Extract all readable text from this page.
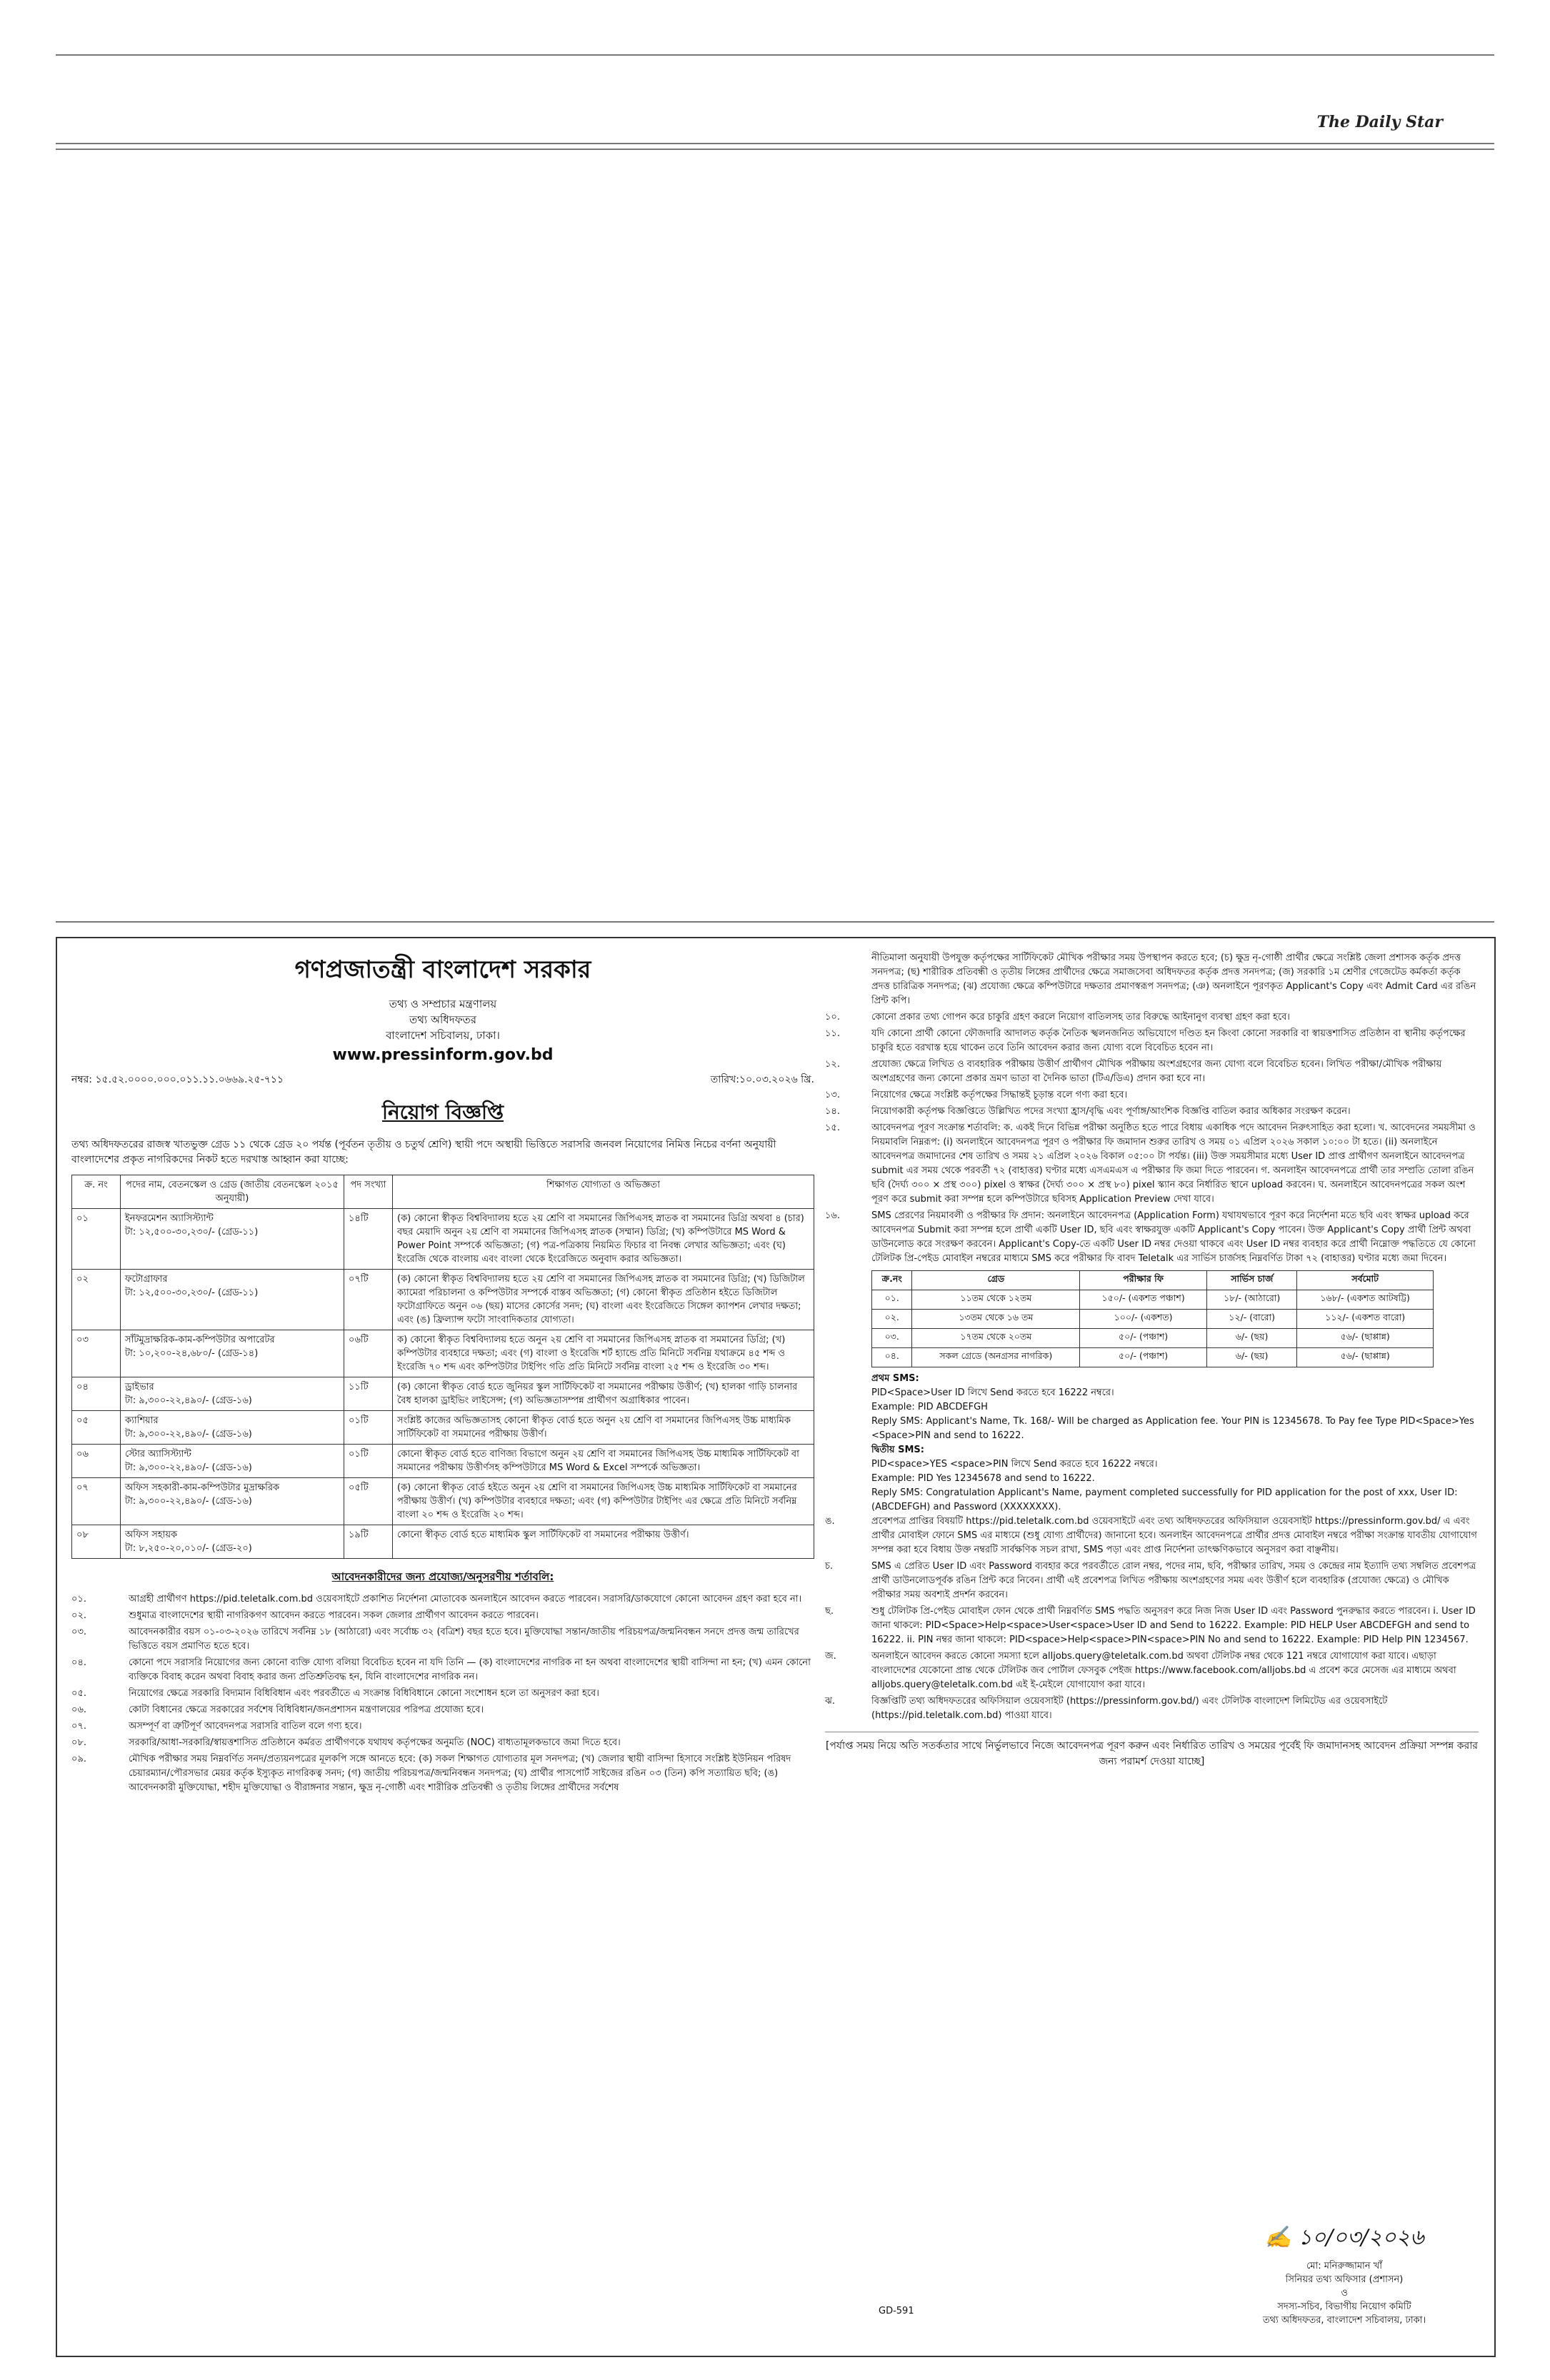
The Daily Star
গণপ্রজাতন্ত্রী বাংলাদেশ সরকার
তথ্য ও সম্প্রচার মন্ত্রণালয়
তথ্য অধিদফতর
বাংলাদেশ সচিবালয়, ঢাকা।
www.pressinform.gov.bd
নম্বর: ১৫.৫২.০০০০.০০০.০১১.১১.০৬৬৯.২৫-৭১১	তারিখ:১০.০৩.২০২৬ খ্রি.
নিয়োগ বিজ্ঞপ্তি
তথ্য অধিদফতরের রাজস্ব খাতভুক্ত গ্রেড ১১ থেকে গ্রেড ২০ পর্যন্ত (পূর্বতন তৃতীয় ও চতুর্থ শ্রেণি) স্থায়ী পদে অস্থায়ী ভিত্তিতে সরাসরি জনবল নিয়োগের নিমিত্ত নিচের বর্ণনা অনুযায়ী বাংলাদেশের প্রকৃত নাগরিকদের নিকট হতে দরখাস্ত আহ্বান করা যাচ্ছে:
ক্র. নং	পদের নাম, বেতনস্কেল ও গ্রেড (জাতীয় বেতনস্কেল ২০১৫ অনুযায়ী)	পদ সংখ্যা	শিক্ষাগত যোগ্যতা ও অভিজ্ঞতা
০১	ইনফরমেশন অ্যাসিস্ট্যান্ট
টা: ১২,৫০০-৩০,২৩০/- (গ্রেড-১১)	১৪টি	(ক) কোনো স্বীকৃত বিশ্ববিদ্যালয় হতে ২য় শ্রেণি বা সমমানের জিপিএসহ স্নাতক বা সমমানের ডিগ্রি অথবা ৪ (চার) বছর মেয়াদি অনুন ২য় শ্রেণি বা সমমানের জিপিএসহ স্নাতক (সম্মান) ডিগ্রি; (খ) কম্পিউটারে MS Word & Power Point সম্পর্কে অভিজ্ঞতা; (গ) পত্র-পত্রিকায় নিয়মিত ফিচার বা নিবন্ধ লেখার অভিজ্ঞতা; এবং (ঘ) ইংরেজি থেকে বাংলায় এবং বাংলা থেকে ইংরেজিতে অনুবাদ করার অভিজ্ঞতা।
০২	ফটোগ্রাফার
টা: ১২,৫০০-৩০,২৩০/- (গ্রেড-১১)	০৭টি	(ক) কোনো স্বীকৃত বিশ্ববিদ্যালয় হতে ২য় শ্রেণি বা সমমানের জিপিএসহ স্নাতক বা সমমানের ডিগ্রি; (খ) ডিজিটাল ক্যামেরা পরিচালনা ও কম্পিউটার সম্পর্কে বাস্তব অভিজ্ঞতা; (গ) কোনো স্বীকৃত প্রতিষ্ঠান হইতে ডিজিটাল ফটোগ্রাফিতে অনুন ০৬ (ছয়) মাসের কোর্সের সনদ; (ঘ) বাংলা এবং ইংরেজিতে সিঙ্গেল ক্যাপশন লেখার দক্ষতা; এবং (ঙ) ফ্রিল্যান্স ফটো সাংবাদিকতার যোগ্যতা।
০৩	সাঁটমুদ্রাক্ষরিক-কাম-কম্পিউটার অপারেটর
টা: ১০,২০০-২৪,৬৮০/- (গ্রেড-১৪)	০৬টি	ক) কোনো স্বীকৃত বিশ্ববিদ্যালয় হতে অনুন ২য় শ্রেণি বা সমমানের জিপিএসহ স্নাতক বা সমমানের ডিগ্রি; (খ) কম্পিউটার ব্যবহারে দক্ষতা; এবং (গ) বাংলা ও ইংরেজি শর্ট হ্যান্ডে প্রতি মিনিটে সর্বনিম্ন যথাক্রমে ৪৫ শব্দ ও ইংরেজি ৭০ শব্দ এবং কম্পিউটার টাইপিং গতি প্রতি মিনিটে সর্বনিম্ন বাংলা ২৫ শব্দ ও ইংরেজি ৩০ শব্দ।
০৪	ড্রাইভার
টা: ৯,৩০০-২২,৪৯০/- (গ্রেড-১৬)	১১টি	(ক) কোনো স্বীকৃত বোর্ড হতে জুনিয়র স্কুল সার্টিফিকেট বা সমমানের পরীক্ষায় উত্তীর্ণ; (খ) হালকা গাড়ি চালনার বৈধ হালকা ড্রাইভিং লাইসেন্স; (গ) অভিজ্ঞতাসম্পন্ন প্রার্থীগণ অগ্রাধিকার পাবেন।
০৫	ক্যাশিয়ার
টা: ৯,৩০০-২২,৪৯০/- (গ্রেড-১৬)	০১টি	সংশ্লিষ্ট কাজের অভিজ্ঞতাসহ কোনো স্বীকৃত বোর্ড হতে অনুন ২য় শ্রেণি বা সমমানের জিপিএসহ উচ্চ মাধ্যমিক সার্টিফিকেট বা সমমানের পরীক্ষায় উত্তীর্ণ।
০৬	স্টোর অ্যাসিস্ট্যান্ট
টা: ৯,৩০০-২২,৪৯০/- (গ্রেড-১৬)	০১টি	কোনো স্বীকৃত বোর্ড হতে বাণিজ্য বিভাগে অনুন ২য় শ্রেণি বা সমমানের জিপিএসহ উচ্চ মাধ্যমিক সার্টিফিকেট বা সমমানের পরীক্ষায় উত্তীর্ণসহ কম্পিউটারে MS Word & Excel সম্পর্কে অভিজ্ঞতা।
০৭	অফিস সহকারী-কাম-কম্পিউটার মুদ্রাক্ষরিক
টা: ৯,৩০০-২২,৪৯০/- (গ্রেড-১৬)	০৫টি	(ক) কোনো স্বীকৃত বোর্ড হইতে অনুন ২য় শ্রেণি বা সমমানের জিপিএসহ উচ্চ মাধ্যমিক সার্টিফিকেট বা সমমানের পরীক্ষায় উত্তীর্ণ। (খ) কম্পিউটার ব্যবহারে দক্ষতা; এবং (গ) কম্পিউটার টাইপিং এর ক্ষেত্রে প্রতি মিনিটে সর্বনিম্ন বাংলা ২০ শব্দ ও ইংরেজি ২০ শব্দ।
০৮	অফিস সহায়ক
টা: ৮,২৫০-২০,০১০/- (গ্রেড-২০)	১৯টি	কোনো স্বীকৃত বোর্ড হতে মাধ্যমিক স্কুল সার্টিফিকেট বা সমমানের পরীক্ষায় উত্তীর্ণ।
আবেদনকারীদের জন্য প্রযোজ্য/অনুসরণীয় শর্তাবলি:
০১.	আগ্রহী প্রার্থীগণ https://pid.teletalk.com.bd ওয়েবসাইটে প্রকাশিত নির্দেশনা মোতাবেক অনলাইনে আবেদন করতে পারবেন। সরাসরি/ডাকযোগে কোনো আবেদন গ্রহণ করা হবে না।
০২.	শুধুমাত্র বাংলাদেশের স্থায়ী নাগরিকগণ আবেদন করতে পারবেন। সকল জেলার প্রার্থীগণ আবেদন করতে পারবেন।
০৩.	আবেদনকারীর বয়স ০১-০৩-২০২৬ তারিখে সর্বনিম্ন ১৮ (আঠারো) এবং সর্বোচ্চ ৩২ (বত্রিশ) বছর হতে হবে। মুক্তিযোদ্ধা সন্তান/জাতীয় পরিচয়পত্র/জন্মনিবন্ধন সনদে প্রদত্ত জন্ম তারিখের ভিত্তিতে বয়স প্রমাণিত হতে হবে।
০৪.	কোনো পদে সরাসরি নিয়োগের জন্য কোনো ব্যক্তি যোগ্য বলিয়া বিবেচিত হবেন না যদি তিনি — (ক) বাংলাদেশের নাগরিক না হন অথবা বাংলাদেশের স্থায়ী বাসিন্দা না হন; (খ) এমন কোনো ব্যক্তিকে বিবাহ করেন অথবা বিবাহ করার জন্য প্রতিশ্রুতিবদ্ধ হন, যিনি বাংলাদেশের নাগরিক নন।
০৫.	নিয়োগের ক্ষেত্রে সরকারি বিদ্যমান বিধিবিধান এবং পরবর্তীতে এ সংক্রান্ত বিধিবিধানে কোনো সংশোধন হলে তা অনুসরণ করা হবে।
০৬.	কোটা বিধানের ক্ষেত্রে সরকারের সর্বশেষ বিধিবিধান/জনপ্রশাসন মন্ত্রণালয়ের পরিপত্র প্রযোজ্য হবে।
০৭.	অসম্পূর্ণ বা ত্রুটিপূর্ণ আবেদনপত্র সরাসরি বাতিল বলে গণ্য হবে।
০৮.	সরকারি/আধা-সরকারি/স্বায়ত্তশাসিত প্রতিষ্ঠানে কর্মরত প্রার্থীগণকে যথাযথ কর্তৃপক্ষের অনুমতি (NOC) বাধ্যতামূলকভাবে জমা দিতে হবে।
০৯.	মৌখিক পরীক্ষার সময় নিম্নবর্ণিত সনদ/প্রত্যয়নপত্রের মূলকপি সঙ্গে আনতে হবে: (ক) সকল শিক্ষাগত যোগ্যতার মূল সনদপত্র; (খ) জেলার স্থায়ী বাসিন্দা হিসাবে সংশ্লিষ্ট ইউনিয়ন পরিষদ চেয়ারম্যান/পৌরসভার মেয়র কর্তৃক ইস্যুকৃত নাগরিকত্ব সনদ; (গ) জাতীয় পরিচয়পত্র/জন্মনিবন্ধন সনদপত্র; (ঘ) প্রার্থীর পাসপোর্ট সাইজের রঙিন ০৩ (তিন) কপি সত্যায়িত ছবি; (ঙ) আবেদনকারী মুক্তিযোদ্ধা, শহীদ মুক্তিযোদ্ধা ও বীরাঙ্গনার সন্তান, ক্ষুদ্র নৃ-গোষ্ঠী এবং শারীরিক প্রতিবন্ধী ও তৃতীয় লিঙ্গের প্রার্থীদের সর্বশেষ
নীতিমালা অনুযায়ী উপযুক্ত কর্তৃপক্ষের সার্টিফিকেট মৌখিক পরীক্ষার সময় উপস্থাপন করতে হবে; (চ) ক্ষুদ্র নৃ-গোষ্ঠী প্রার্থীর ক্ষেত্রে সংশ্লিষ্ট জেলা প্রশাসক কর্তৃক প্রদত্ত সনদপত্র; (ছ) শারীরিক প্রতিবন্ধী ও তৃতীয় লিঙ্গের প্রার্থীদের ক্ষেত্রে সমাজসেবা অধিদফতর কর্তৃক প্রদত্ত সনদপত্র; (জ) সরকারি ১ম শ্রেণীর গেজেটেড কর্মকর্তা কর্তৃক প্রদত্ত চারিত্রিক সনদপত্র; (ঝ) প্রযোজ্য ক্ষেত্রে কম্পিউটারে দক্ষতার প্রমাণস্বরূপ সনদপত্র; (ঞ) অনলাইনে পূরণকৃত Applicant's Copy এবং Admit Card এর রঙিন প্রিন্ট কপি।
১০.	কোনো প্রকার তথ্য গোপন করে চাকুরি গ্রহণ করলে নিয়োগ বাতিলসহ তার বিরুদ্ধে আইনানুগ ব্যবস্থা গ্রহণ করা হবে।
১১.	যদি কোনো প্রার্থী কোনো ফৌজদারি আদালত কর্তৃক নৈতিক স্খলনজনিত অভিযোগে দণ্ডিত হন কিংবা কোনো সরকারি বা স্বায়ত্তশাসিত প্রতিষ্ঠান বা স্থানীয় কর্তৃপক্ষের চাকুরি হতে বরখাস্ত হয়ে থাকেন তবে তিনি আবেদন করার জন্য যোগ্য বলে বিবেচিত হবেন না।
১২.	প্রযোজ্য ক্ষেত্রে লিখিত ও ব্যবহারিক পরীক্ষায় উত্তীর্ণ প্রার্থীগণ মৌখিক পরীক্ষায় অংশগ্রহণের জন্য যোগ্য বলে বিবেচিত হবেন। লিখিত পরীক্ষা/মৌখিক পরীক্ষায় অংশগ্রহণের জন্য কোনো প্রকার ভ্রমণ ভাতা বা দৈনিক ভাতা (টিএ/ডিএ) প্রদান করা হবে না।
১৩.	নিয়োগের ক্ষেত্রে সংশ্লিষ্ট কর্তৃপক্ষের সিদ্ধান্তই চূড়ান্ত বলে গণ্য করা হবে।
১৪.	নিয়োগকারী কর্তৃপক্ষ বিজ্ঞপ্তিতে উল্লিখিত পদের সংখ্যা হ্রাস/বৃদ্ধি এবং পূর্ণাঙ্গ/আংশিক বিজ্ঞপ্তি বাতিল করার অধিকার সংরক্ষণ করেন।
১৫.	আবেদনপত্র পূরণ সংক্রান্ত শর্তাবলি: ক. একই দিনে বিভিন্ন পরীক্ষা অনুষ্ঠিত হতে পারে বিধায় একাধিক পদে আবেদন নিরুৎসাহিত করা হলো। খ. আবেদনের সময়সীমা ও নিয়মাবলি নিম্নরূপ: (i) অনলাইনে আবেদনপত্র পূরণ ও পরীক্ষার ফি জমাদান শুরুর তারিখ ও সময় ০১ এপ্রিল ২০২৬ সকাল ১০:০০ টা হতে। (ii) অনলাইনে আবেদনপত্র জমাদানের শেষ তারিখ ও সময় ২১ এপ্রিল ২০২৬ বিকাল ০৫:০০ টা পর্যন্ত। (iii) উক্ত সময়সীমার মধ্যে User ID প্রাপ্ত প্রার্থীগণ অনলাইনে আবেদনপত্র submit এর সময় থেকে পরবর্তী ৭২ (বাহাত্তর) ঘণ্টার মধ্যে এসএমএস এ পরীক্ষার ফি জমা দিতে পারবেন। গ. অনলাইন আবেদনপত্রে প্রার্থী তার সম্প্রতি তোলা রঙিন ছবি (দৈর্ঘ্য ৩০০ × প্রস্থ ৩০০) pixel ও স্বাক্ষর (দৈর্ঘ্য ৩০০ × প্রস্থ ৮০) pixel স্ক্যান করে নির্ধারিত স্থানে upload করবেন। ঘ. অনলাইনে আবেদনপত্রের সকল অংশ পূরণ করে submit করা সম্পন্ন হলে কম্পিউটারে ছবিসহ Application Preview দেখা যাবে।
১৬.	SMS প্রেরণের নিয়মাবলী ও পরীক্ষার ফি প্রদান: অনলাইনে আবেদনপত্র (Application Form) যথাযথভাবে পূরণ করে নির্দেশনা মতে ছবি এবং স্বাক্ষর upload করে আবেদনপত্র Submit করা সম্পন্ন হলে প্রার্থী একটি User ID, ছবি এবং স্বাক্ষরযুক্ত একটি Applicant's Copy পাবেন। উক্ত Applicant's Copy প্রার্থী প্রিন্ট অথবা ডাউনলোড করে সংরক্ষণ করবেন। Applicant's Copy-তে একটি User ID নম্বর দেওয়া থাকবে এবং User ID নম্বর ব্যবহার করে প্রার্থী নিম্নোক্ত পদ্ধতিতে যে কোনো টেলিটক প্রি-পেইড মোবাইল নম্বরের মাধ্যমে SMS করে পরীক্ষার ফি বাবদ Teletalk এর সার্ভিস চার্জসহ নিম্নবর্ণিত টাকা ৭২ (বাহাত্তর) ঘণ্টার মধ্যে জমা দিবেন।
ক্র.নং	গ্রেড	পরীক্ষার ফি	সার্ভিস চার্জ	সর্বমোট
০১.	১১তম থেকে ১২তম	১৫০/- (একশত পঞ্চাশ)	১৮/- (আঠারো)	১৬৮/- (একশত আটষট্টি)
০২.	১৩তম থেকে ১৬ তম	১০০/- (একশত)	১২/- (বারো)	১১২/- (একশত বারো)
০৩.	১৭তম থেকে ২০তম	৫০/- (পঞ্চাশ)	৬/- (ছয়)	৫৬/- (ছাপ্পান্ন)
০৪.	সকল গ্রেডে (অনগ্রসর নাগরিক)	৫০/- (পঞ্চাশ)	৬/- (ছয়)	৫৬/- (ছাপ্পান্ন)
প্রথম SMS:
PID<Space>User ID লিখে Send করতে হবে 16222 নম্বরে।
Example: PID ABCDEFGH
Reply SMS: Applicant's Name, Tk. 168/- Will be charged as Application fee. Your PIN is 12345678. To Pay fee Type PID<Space>Yes <Space>PIN and send to 16222.
দ্বিতীয় SMS:
PID<space>YES <space>PIN লিখে Send করতে হবে 16222 নম্বরে।
Example: PID Yes 12345678 and send to 16222.
Reply SMS: Congratulation Applicant's Name, payment completed successfully for PID application for the post of xxx, User ID: (ABCDEFGH) and Password (XXXXXXXX).
ঙ.	প্রবেশপত্র প্রাপ্তির বিষয়টি https://pid.teletalk.com.bd ওয়েবসাইটে এবং তথ্য অধিদফতরের অফিসিয়াল ওয়েবসাইট https://pressinform.gov.bd/ এ এবং প্রার্থীর মোবাইল ফোনে SMS এর মাধ্যমে (শুধু যোগ্য প্রার্থীদের) জানানো হবে। অনলাইন আবেদনপত্রে প্রার্থীর প্রদত্ত মোবাইল নম্বরে পরীক্ষা সংক্রান্ত যাবতীয় যোগাযোগ সম্পন্ন করা হবে বিধায় উক্ত নম্বরটি সার্বক্ষণিক সচল রাখা, SMS পড়া এবং প্রাপ্ত নির্দেশনা তাৎক্ষণিকভাবে অনুসরণ করা বাঞ্ছনীয়।
চ.	SMS এ প্রেরিত User ID এবং Password ব্যবহার করে পরবর্তীতে রোল নম্বর, পদের নাম, ছবি, পরীক্ষার তারিখ, সময় ও কেন্দ্রের নাম ইত্যাদি তথ্য সম্বলিত প্রবেশপত্র প্রার্থী ডাউনলোডপূর্বক রঙিন প্রিন্ট করে নিবেন। প্রার্থী এই প্রবেশপত্র লিখিত পরীক্ষায় অংশগ্রহণের সময় এবং উত্তীর্ণ হলে ব্যবহারিক (প্রযোজ্য ক্ষেত্রে) ও মৌখিক পরীক্ষার সময় অবশ্যই প্রদর্শন করবেন।
ছ.	শুধু টেলিটক প্রি-পেইড মোবাইল ফোন থেকে প্রার্থী নিম্নবর্ণিত SMS পদ্ধতি অনুসরণ করে নিজ নিজ User ID এবং Password পুনরুদ্ধার করতে পারবেন। i. User ID জানা থাকলে: PID<Space>Help<space>User<space>User ID and Send to 16222. Example: PID HELP User ABCDEFGH and send to 16222. ii. PIN নম্বর জানা থাকলে: PID<space>Help<space>PIN<space>PIN No and send to 16222. Example: PID Help PIN 1234567.
জ.	অনলাইনে আবেদন করতে কোনো সমস্যা হলে alljobs.query@teletalk.com.bd অথবা টেলিটক নম্বর থেকে 121 নম্বরে যোগাযোগ করা যাবে। এছাড়া বাংলাদেশের যেকোনো প্রান্ত থেকে টেলিটক জব পোর্টাল ফেসবুক পেইজ https://www.facebook.com/alljobs.bd এ প্রবেশ করে মেসেজ এর মাধ্যমে অথবা alljobs.query@teletalk.com.bd এই ই-মেইলে যোগাযোগ করা যাবে।
ঝ.	বিজ্ঞপ্তিটি তথ্য অধিদফতরের অফিসিয়াল ওয়েবসাইট (https://pressinform.gov.bd/) এবং টেলিটক বাংলাদেশ লিমিটেড এর ওয়েবসাইটে (https://pid.teletalk.com.bd) পাওয়া যাবে।
[পর্যাপ্ত সময় নিয়ে অতি সতর্কতার সাথে নির্ভুলভাবে নিজে আবেদনপত্র পূরণ করুন এবং নির্ধারিত তারিখ ও সময়ের পূর্বেই ফি জমাদানসহ আবেদন প্রক্রিয়া সম্পন্ন করার জন্য পরামর্শ দেওয়া যাচ্ছে]
GD-591
✍ ১০/০৩/২০২৬
মো: মনিরুজ্জামান খাঁ
সিনিয়র তথ্য অফিসার (প্রশাসন)
ও
সদস্য-সচিব, বিভাগীয় নিয়োগ কমিটি
তথ্য অধিদফতর, বাংলাদেশ সচিবালয়, ঢাকা।
